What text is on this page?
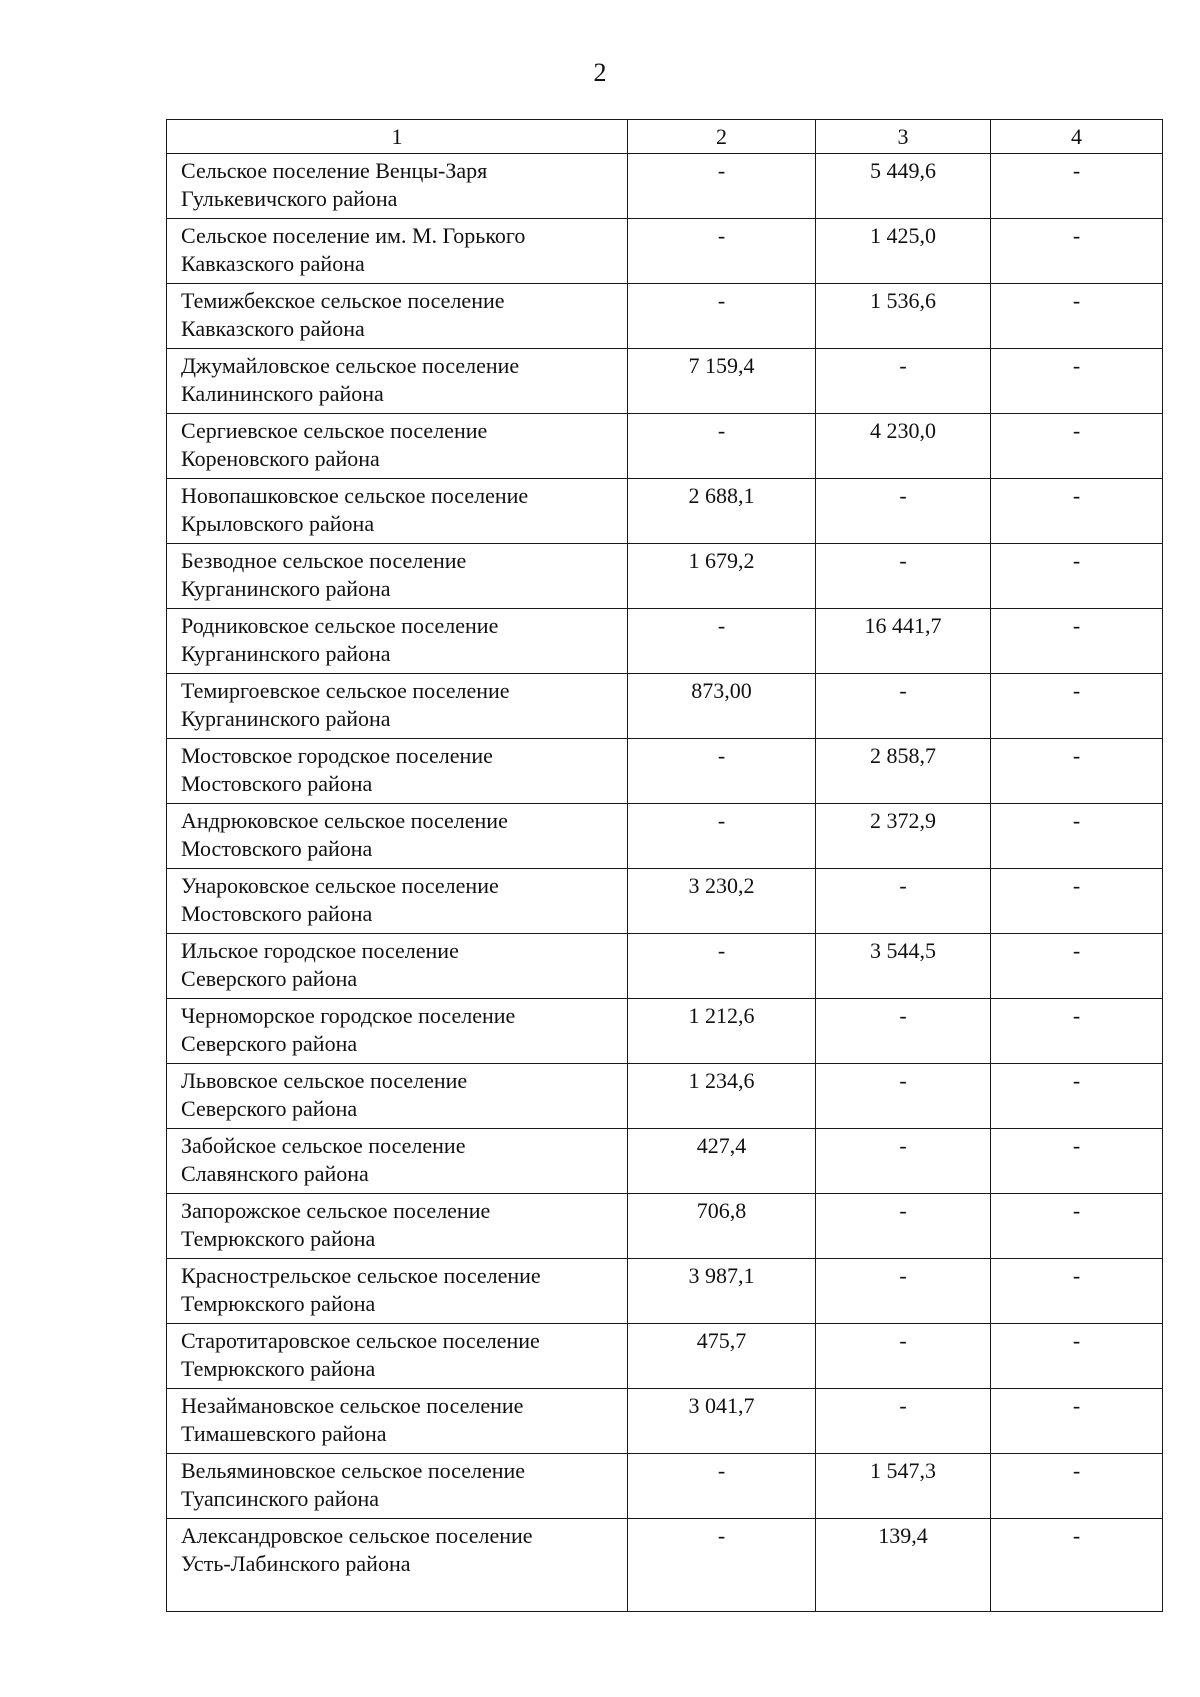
2
1	2	3	4

Сельское поселение Венцы-Заря
Гулькевичского района	-	5 449,6	-

Сельское поселение им. М. Горького
Кавказского района	-	1 425,0	-

Темижбекское сельское поселение
Кавказского района	-	1 536,6	-

Джумайловское сельское поселение
Калининского района	7 159,4	-	-

Сергиевское сельское поселение
Кореновского района	-	4 230,0	-

Новопашковское сельское поселение
Крыловского района	2 688,1	-	-

Безводное сельское поселение
Курганинского района	1 679,2	-	-

Родниковское сельское поселение
Курганинского района	-	16 441,7	-

Темиргоевское сельское поселение
Курганинского района	873,00	-	-

Мостовское городское поселение
Мостовского района	-	2 858,7	-

Андрюковское сельское поселение
Мостовского района	-	2 372,9	-

Унароковское сельское поселение
Мостовского района	3 230,2	-	-

Ильское городское поселение
Северского района	-	3 544,5	-

Черноморское городское поселение
Северского района	1 212,6	-	-

Львовское сельское поселение
Северского района	1 234,6	-	-

Забойское сельское поселение
Славянского района	427,4	-	-

Запорожское сельское поселение
Темрюкского района	706,8	-	-

Краснострельское сельское поселение
Темрюкского района	3 987,1	-	-

Старотитаровское сельское поселение
Темрюкского района	475,7	-	-

Незаймановское сельское поселение
Тимашевского района	3 041,7	-	-

Вельяминовское сельское поселение
Туапсинского района	-	1 547,3	-

Александровское сельское поселение
Усть-Лабинского района	-	139,4	-
